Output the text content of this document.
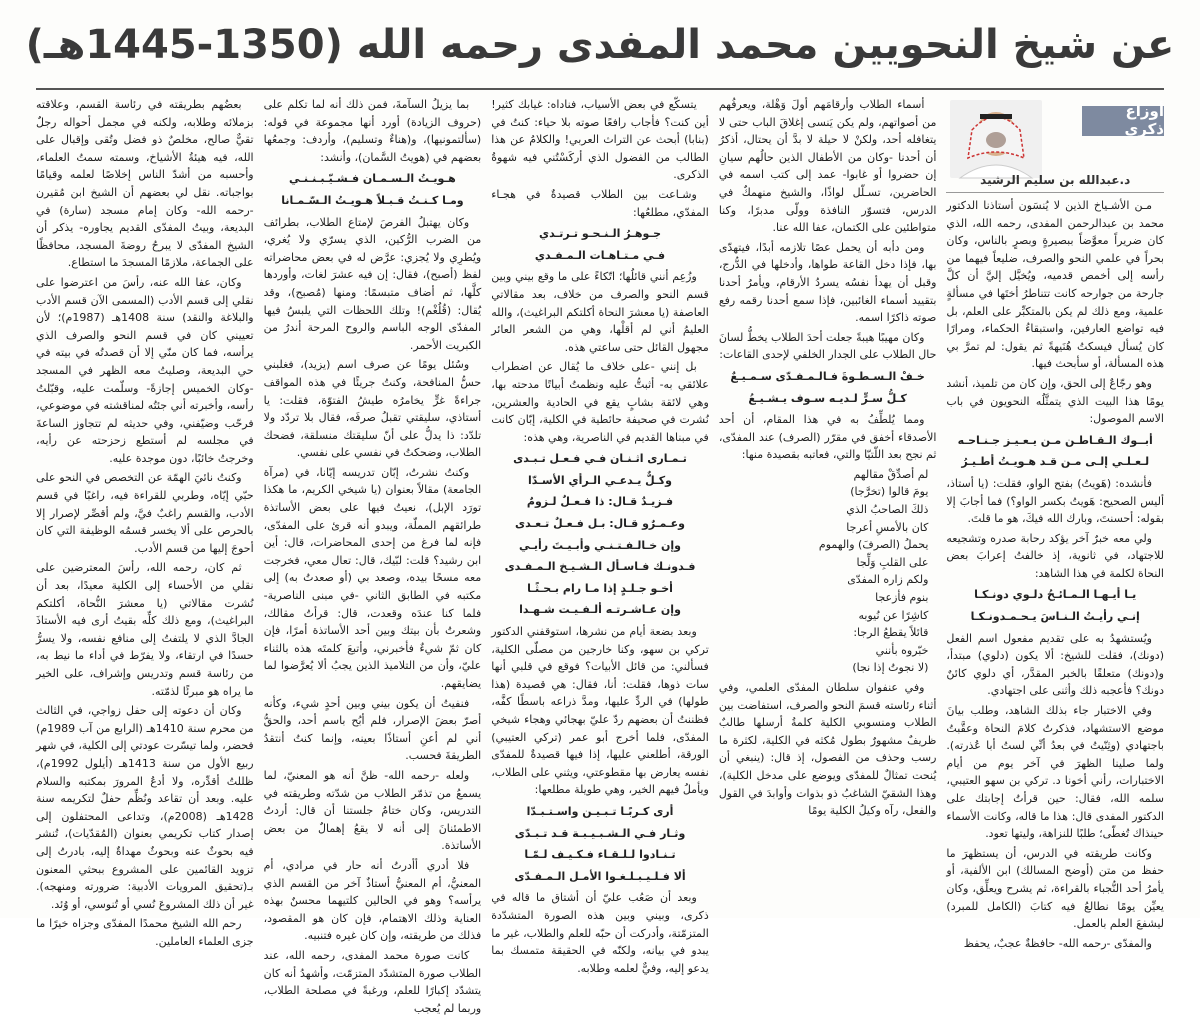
عن شيخ النحويين محمد المفدى رحمه الله (1350-1445هـ)
أوزاع ذكرى
د.عبدالله بن سليم الرشيد

مـن الأشـياخ الذين لا يُنسَون أستاذنا الدكتور محمد بن عبدالرحمن المفدى، رحمه الله، الذي كان ضريراً معوَّضاً ببصيرةٍ وبصرٍ بالناس، وكان بحراً في علمي النحو والصرف، ضليعاً فيهما من رأسه إلى أخمص قدميه، ويُخيَّل إليَّ أن كلَّ جارحة من جوارحه كانت تتناطرُ أختَها في مسألةٍ علمية، ومع ذلك لم يكن بالمتكبِّر على العلم، بل فيه تواضع العارفين، واستبقاءُ الحكماء، ومرارًا كان يُسأل فيسكتُ هُنَيهةً ثم يقول: لم تمرَّ بي هذه المسألة، أو سأبحث فيها.

وهو رجّاعٌ إلى الحق، وإن كان من تلميذ، أنشد يومًا هذا البيت الذي يتمثَّلُه النحويون في باب الاسم الموصول:

أبــوك الـقـاطـن مـن يـعـيـز جـنـاحـه
لـعـلـي إلـى مـن قـد هـويـتُ أطـيـرُ

فأنشده: (هَويتُ) بفتح الواو، فقلت: (يا أستاذ، أليس الصحيح: هَويتُ بكسر الواو؟) فما أجابَ إلا بقوله: أحسنتَ، وبارك الله فيكَ، هو ما قلتَ.

ولي معه خبرٌ آخر يؤكد رحابة صدره وتشجيعه للاجتهاد، في ثانوية، إذ خالفتُ إعرابَ بعض النحاة لكلمة في هذا الشاهد:

يـا أيـهـا الـمـائـحُ دلـوي دونـكـا
إنـي رأيـتُ الـنـاسَ يـحـمـدونـكـا

ويُستشهدُ به على تقديم مفعول اسم الفعل (دونك)، فقلت للشيخ: ألا يكون (دلوي) مبتدأ، و(دونك) متعلقًا بالخبر المقدَّر، أي دلوي كائنٌ دونك؟ فأعجبه ذلك وأثنى على اجتهادي.

وفي الاختبار جاء بذلك الشاهد، وطلب بيانَ موضع الاستشهاد، فذكرتُ كلامَ النحاة وعقَّبتُ باجتهادي (وثِنّيتُ في بعدُ أنِّي لستُ أبا عُذرته). ولما صلينا الظهرَ في آخر يوم من أيام الاختبارات، رأني أخونا د. تركي بن سهو العتيبي، سلمه الله، فقال: حين قرأتُ إجابتك على الدكتور المفدى قال: هذا ما قاله، وكانت الأسماء حينذاك تُغطّى؛ طلبًا للنزاهة، وليتها تعود.

وكانت طريقته في الدرس، أن يستظهرَ ما حفظ من متن (أوضح المسالك) ابن الألفية، أو يأمرُ أحد النُّجباء بالقراءة، ثم يشرح ويعلِّق، وكان يعيِّن يومًا نطالعُ فيه كتابَ (الكامل للمبرد) ليشفعَ العلم بالعمل.

والمفدّى -رحمه الله- حافظةٌ عجبٌ، يحفظ

أسماء الطلاب وأرقامَهم أولَ وَهْلة، ويعرفُهم من أصواتهم، ولم يكن يَنسى إغلاقَ الباب حتى لا يتغافله أحد، ولكنْ لا حيلة لا بدَّ أن يحتال، أذكرُ أن أحدنا -وكان من الأطفال الذين حالُهم سيانِ إن حضروا أو غابوا- عمد إلى كتب اسمه في الحاضرين، تسـلّل لواذًا، والشيخ منهمكٌ في الدرس، فتسوّر النافذة وولّى مدبرًا، وكنا متواطئين على الكتمان، عفا الله عنا.

ومن دأبه أن يحمل عصًا تلازمه أبدًا، فيتهدّى بها، فإذا دخل القاعة طواها، وأدخلها في الدُّرج، وقبل أن يهدأ نفسُه يسردُ الأرقام، ويأمرُ أحدنا بتقييد أسماء الغائبين، فإذا سمع أحدنا رقمه رفع صوته ذاكرًا اسمه.

وكان مهيبًا هيبةً جعلت أحدَ الطلاب يخطُّ لسانَ حال الطلاب على الجدار الخلفي لإحدى القاعات:

خـفْ الـسـطـوةَ فـالـمـفـدّى سـمـيـعٌ
كـلُّ سـرٍّ لـديـه سـوف يـشـيـعُ

ومما يُلطِّفُ به في هذا المقام، أن أحد الأصدقاء أخفق في مقرّر (الصرف) عند المفدّى، ثم نجح بعد اللّتيّا والتي، فعاتبه بقصيدة منها:

لم أصدِّقْ مقالهم
يومَ قالوا (تخرَّجا)
ذلكَ الصاحبُ الذي
كان بالأمسِ أعرجا
يحملُ (الصرفَ) والهموم
على القلبِ وَلِّجا
ولكم زاره المفدّى
بنوم فأزعجا
كاشِرًا عن نُيوبه
قائلاً يقطعُ الرجا:
خبّروه بأنني
(لا نجوتُ إذا نجا)

وفي عنفوان سلطان المفدّى العلمي، وفي أثناء رئاسته قسمَ النحو والصرف، استفاضت بين الطلاب ومنسوبي الكلية كلمةُ أرسلها طالبٌ ظريفٌ مشهورٌ بطول مُكثه في الكلية، لكثرة ما رسب وحذف من الفصول، إذ قال: (ينبغي أن يُنحت تمثالٌ للمفدّى ويوضع على مدخل الكلية)، وهذا الشقيّ الشاغبُ ذو بذوات وأوابدَ في القول والفعل، رآه وكيلُ الكلية يومًا

يتسكّع في بعض الأسياب، فناداه: غيابك كثير! أين كنت؟ فأجاب رافعًا صوته بلا حياء: كنتُ في (بنابا) أبحث عن التراث العربي! والكلامُ عن هذا الطالب من الفضول الذي أركَسْتُني فيه شهوةُ الذكرى.

وشـاعت بين الطلاب قصيدةٌ في هجـاء المفدّي، مطلعُها:

جـوهـرُ الـنـحـو تـرتـدي
فـي مـتـاهـات الـمـفـدي

وزُعِم أنني قائلُها؛ اتّكاءً على ما وقع بيني وبين قسم النحو والصرف من خلاف، بعد مقالاتي العاصفة (يا معشرَ النحاة أكلتكم البراغيث)، والله العليمُ أني لم أقلْها، وهي من الشعر العائر مجهول القائل حتى ساعتي هذه.

بل إنني -على خلاف ما يُقال عن اضطراب علائقي به- أثبتُّ عليه ونظمتُ أبياتًا مدحته بها، وهي لائقة بشابٍ يقع في الحادية والعشرين، نُشرت في صحيفة حائطية في الكلية، إبّان كانت في مبناها القديم في الناصرية، وهي هذه:

تـمـارى اثـنـان فـي فـعـل تـبـدى
وكـلٌّ يـدعـي الـرأي الأسـدّا
فـزيـدٌ قـال: ذا فـعـلٌ لـزومٌ
وعـمـرٌو قـال: بـل فـعـلٌ تـعـدى
وإن خـالـفـتـنـي وأبـيـتَ رأيـي
فـدونـك فـاسـأل الـشـيـخ الـمـفـدى
أخـو جـلـدٍ إذا مـا رام بـحـثًـا
وإن عـاشـرتـه ألـفـيـت شـهـدا

وبعد بضعة أيام من نشرها، استوقفني الدكتور تركي بن سهو، وكنا خارجين من مصلّى الكلية، فسألني: من قائل الأبيات؟ فوقع في قلبي أنها سات ذوها، فقلت: أنا، فقال: هي قصيدة (هذا طولها) في الردِّ عليها، ومدَّ ذراعه باسطًا كفَّه، فظننتُ أن بعضهم ردّ عليّ بهجائي وهجاء شيخي المفدّى، فلما أخرج أبو عمر (تركي العتيبي) الورقة، أطلعني عليها، إذا فيها قصيدةٌ للمفدّى نفسه يعارض بها مقطوعتي، ويثني على الطلاب، ويأملُ فيهم الخير، وهي طويلة مطلعها:

أرى كـربًـا تـبـيـن واسـتـبـدّا
وثـار فـي الـشـبـيـبـة قـد تـبـدّى
تـنـادوا لـلـقـاء فـكـيـف لـمّـا
ألا فـلـيـبـلـغـوا الأمـل الـمـفـدّى

وبعد أن صَعُب عليّ أن أشتاق ما قاله في ذكرى، وبيني وبين هذه الصورة المتشدّدة المتزمّتة، وأدركت أن حبّه للعلم والطلاب، غير ما يبدو في بيانه، ولكنّه في الحقيقة متمسك بما يدعو إليه، وفيٌّ لعلمه وطلابه.

بما يزيلُ السآمةَ، فمن ذلك أنه لما تكلم على (حروف الزيادة) أورد أنها مجموعة في قوله: (سألتمونيها)، و(هناءٌ وتسليم)، وأردف: وجمعُها بعضهم في (هويتُ السَّمان)، وأنشد:

هـويـتُ الـسـمـان فـشـيّـبـنـنـي
ومـا كـنـتُ قـبـلاً هـويـتُ الـسّـمـانا

وكان يهتبلُ الفرصَ لإمتاع الطلاب، بطرائف من الضرب الرُّكين، الذي يسرّي ولا يُغري، ويُطرِي ولا يُجزي: عرَّض له في بعض محاضراته لفظ (أصبح)، فقال: إن فيه عشرَ لغات، وأوردها كلَّها، ثم أضاف متبسمًا: ومنها (مُصبح)، وقد يُقال: (قُلُغْم)! وتلك اللحظات التي يلبسُ فيها المفدّى الوجه الباسم والروح المرحة أندرُ من الكبريت الأحمر.

وسُئل يومًا عن صرف اسم (يزيد)، فغلبني حسُّ المنافحة، وكنتُ جريئًا في هذه المواقف جراءةً غرٍّ يخامرُه طيشُ الفتوّة، فقلت: يا أستاذي، سليقتي تقبلُ صرفَه، فقال بلا تردّد ولا تلدّد: ذا يدلُّ على أنّ سليقتك منسلقة، فضحك الطلاب، وضحكتُ في نفسي على نفسي.

وكنتُ نشرتُ، إبّان تدريسه إيّانا، في (مرآة الجامعة) مقالاً بعنوان (يا شيخي الكريم، ما هكذا تورَد الإبل)، نعيتُ فيها على بعض الأساتذة طرائقهم المملّة، ويبدو أنه قرئ على المفدّى، فإنه لما فرغ من إحدى المحاضرات، قال: أين ابن رشيد؟ قلت: لبّيك، قال: تعال معي، فخرجت معه مسحًا بيده، وصعد بي (أو صعدتُ به) إلى مكتبه في الطابق الثاني -في مبنى الناصرية- فلما كنا عندَه وقعدت، قال: قرأتُ مقالك، وشعرتُ بأن بيتك وبين أحد الأساتذة أمرًا، فإن كان ثمّ شيءٌ فأخبرني، وأتبعَ كلمتَه هذه بالثناء عليّ، وأن من التلاميذ الذين يجبُ ألا يُعرَّضوا لما يضايقهم.

فنفيتُ أن يكون بيني وبين أحدٍ شيء، وكأنه أصرّ بعضَ الإصرار، فلم أبُح باسم أحد، والحقُّ أني لم أعنِ أستاذًا بعينه، وإنما كنتُ أنتقدُ الطريقةَ فحسب.

ولعله -رحمه الله- ظنَّ أنه هو المعنيّ، لما يسمعُ من تذمّر الطلاب من شدّته وطريقته في التدريس، وكان ختامُ جلستنا أن قال: أردتُ الاطمئنانَ إلى أنه لا يقعُ إهمالٌ من بعض الأساتذة.

فلا أدري أأدرتُ أنه حار في مرادي، أم المعنيُّ، أم المعنيُّ أستاذٌ آخر من القسم الذي يرأسه؟ وهو في الحالين كلتيهما محسنٌ بهذه العناية وذلك الاهتمام، فإن كان هو المقصود، فذلك من طريقته، وإن كان غيره فتنبيه.

كانت صورة محمد المفدى، رحمه الله، عند الطلاب صورة المتشدّد المتزمّت، وأشهدُ أنه كان يتشدّد إكبارًا للعلم، ورغبةً في مصلحة الطلاب، وربما لم يُعجب

بعضُهم بطريقته في رئاسة القسم، وعلاقته بزملائه وطلابه، ولكنه في مجمل أحواله رجلٌ تقيٌّ صالح، مخلصٌ ذو فضل وتُقى وإقبال على الله، فيه هيئةُ الأشياخ، وسمته سمتُ العلماء، وأحسبه من أشدّ الناس إخلاصًا لعلمه وقيامًا بواجباته. نقل لي بعضهم أن الشيخ ابن مُقيرن -رحمه الله- وكان إمام مسجد (سارة) في البديعة، وبيتُ المفدّى القديم يجاوره- يذكر أن الشيخ المفدّى لا يبرحُ روضةَ المسجد، محافظًا على الجماعة، ملازمًا المسجدَ ما استطاع.

وكان، عفا الله عنه، رأسَ من اعترضوا على نقلي إلى قسم الأدب (المسمى الآن قسم الأدب والبلاغة والنقد) سنة 1408هـ (1987م)؛ لأن تعييني كان في قسم النحو والصرف الذي يرأسه، فما كان منّي إلا أن قصدتُه في بيته في حي البديعة، وصليتُ معه الظهر في المسجد -وكان الخميس إجازةً- وسلّمت عليه، وقبّلتُ رأسه، وأخبرته أني جئتُه لمناقشته في موضوعي، فرحّب وضيّفني، وفي حديثه لم تتجاوز الساعةَ في مجلسه لم أستطع زحزحته عن رأيه، وخرجتُ خائبًا، دون موجدة عليه.

وكنتُ نائيَ الهمّة عن التخصص في النحو على حبّي إيّاه، وطربي للقراءة فيه، راغبًا في قسم الأدب، والقسم راغبٌ فيَّ، ولم أقصِّر لإصرار إلا بالحرص على ألا يخسر قسمُه الوظيفة التي كان أحوجَ إليها من قسم الأدب.

ثم كان، رحمه الله، رأسَ المعترضين على نقلي من الأحساء إلى الكلية معيدًا، بعد أن نُشرت مقالاتي (يا معشرَ النُّحاة، أكلتكم البراغيث)، ومع ذلك كلِّه بقيتُ أرى فيه الأستاذَ الجادَّ الذي لا يلتفتُ إلى منافع نفسه، ولا يسرُّ حسدًا في ارتقاء، ولا يفرّط في أداء ما نيط به، من رئاسة قسم وتدريس وإشراف، على الخير ما يراه هو مبرئًا لذمّته.

وكان أن دعوته إلى حفل زواجي، في الثالث من محرم سنة 1410هـ (الرابع من آب 1989م) فحضر، ولما تيسّرت عودتي إلى الكلية، في شهر ربيع الأول من سنة 1413هـ (أيلول 1992م)، ظللتُ أقدِّره، ولا أدعُ المرورَ بمكتبه والسلام عليه. وبعد أن تقاعد ونُظِّم حفلٌ لتكريمه سنة 1428هـ (2008م)، وتداعى المحتفلون إلى إصدار كتاب تكريمي بعنوان (المُقدّيات)، تُنشر فيه بحوثٌ عنه وبحوثٌ مهداةٌ إليه، بادرتُ إلى تزويد القائمين على المشروع ببحثي المعنون بـ(تحقيق المرويات الأدبية: ضرورته ومنهجه). غير أن ذلك المشروعَ نُسي أو تُنوسي، أو وُئد.

رحم الله الشيخ محمدًا المفدّى وجزاه خيرًا ما جزى العلماء العاملين.
